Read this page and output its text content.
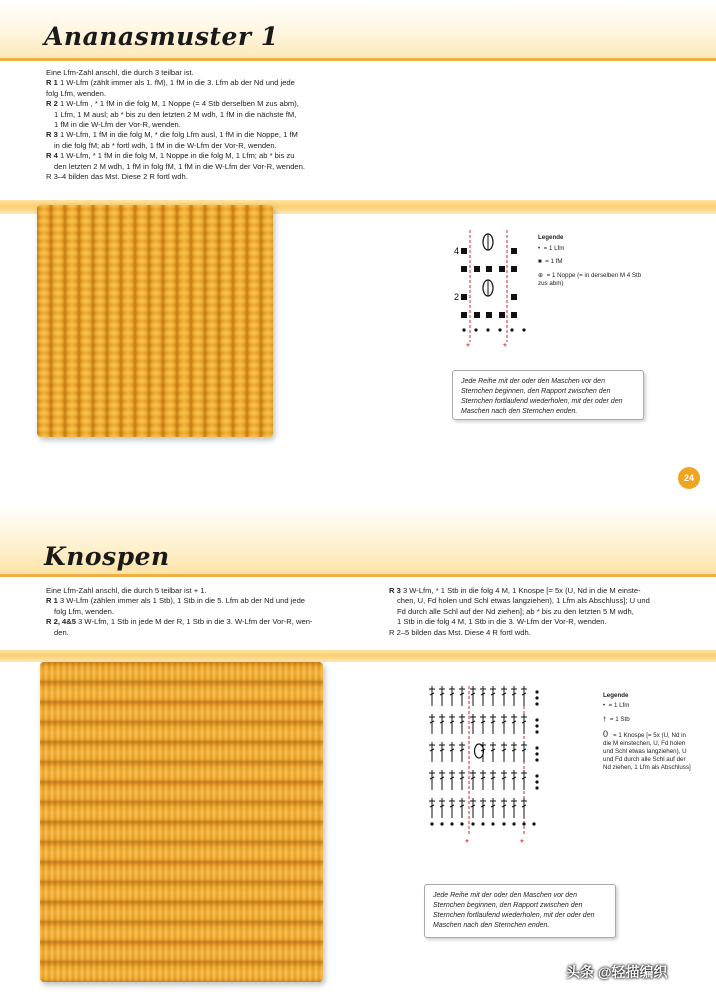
Ananasmuster 1
Eine Lfm-Zahl anschl, die durch 3 teilbar ist.
R 1 1 W-Lfm (zählt immer als 1. fM), 1 fM in die 3. Lfm ab der Nd und jede
folg Lfm, wenden.
R 2 1 W-Lfm , * 1 fM in die folg M, 1 Noppe (= 4 Stb derselben M zus abm),
1 Lfm, 1 M ausl; ab * bis zu den letzten 2 M wdh, 1 fM in die nächste fM,
1 fM in die W-Lfm der Vor-R, wenden.
R 3 1 W-Lfm, 1 fM in die folg M, * die folg Lfm ausl, 1 fM in die Noppe, 1 fM
in die folg fM; ab * fortl wdh, 1 fM in die W-Lfm der Vor-R, wenden.
R 4 1 W-Lfm, * 1 fM in die folg M, 1 Noppe in die folg M, 1 Lfm; ab * bis zu
den letzten 2 M wdh, 1 fM in folg fM, 1 fM in die W-Lfm der Vor-R, wenden.
R 3–4 bilden das Mst. Diese 2 R fortl wdh.
4
2
*	*
Legende
•  = 1 Lfm
■  = 1 fM
⊕  = 1 Noppe (= in derselben M 4 Stb zus abm)
Jede Reihe mit der oder den Maschen vor den Sternchen beginnen, den Rapport zwischen den Sternchen fortlaufend wiederholen, mit der oder den Maschen nach den Sternchen enden.
24
Knospen
Eine Lfm-Zahl anschl, die durch 5 teilbar ist + 1.
R 1 3 W-Lfm (zählen immer als 1 Stb), 1 Stb in die 5. Lfm ab der Nd und jede
folg Lfm, wenden.
R 2, 4&5 3 W-Lfm, 1 Stb in jede M der R, 1 Stb in die 3. W-Lfm der Vor-R, wen-
den.
R 3 3 W-Lfm, * 1 Stb in die folg 4 M, 1 Knospe [= 5x (U, Nd in die M einste-
chen, U, Fd holen und Schl etwas langziehen), 1 Lfm als Abschluss]; U und
Fd durch alle Schl auf der Nd ziehen]; ab * bis zu den letzten 5 M wdh,
1 Stb in die folg 4 M, 1 Stb in die 3. W-Lfm der Vor-R, wenden.
R 2–5 bilden das Mst. Diese 4 R fortl wdh.
*	*
Legende
•  = 1 Lfm
†  = 1 Stb
0  = 1 Knospe [= 5x (U, Nd in die M einstechen, U, Fd holen und Schl etwas langziehen), U und Fd durch alle Schl auf der Nd ziehen, 1 Lfm als Abschluss]
Jede Reihe mit der oder den Maschen vor den Sternchen beginnen, den Rapport zwischen den Sternchen fortlaufend wiederholen, mit der oder den Maschen nach den Sternchen enden.
头条 @轻描编织
